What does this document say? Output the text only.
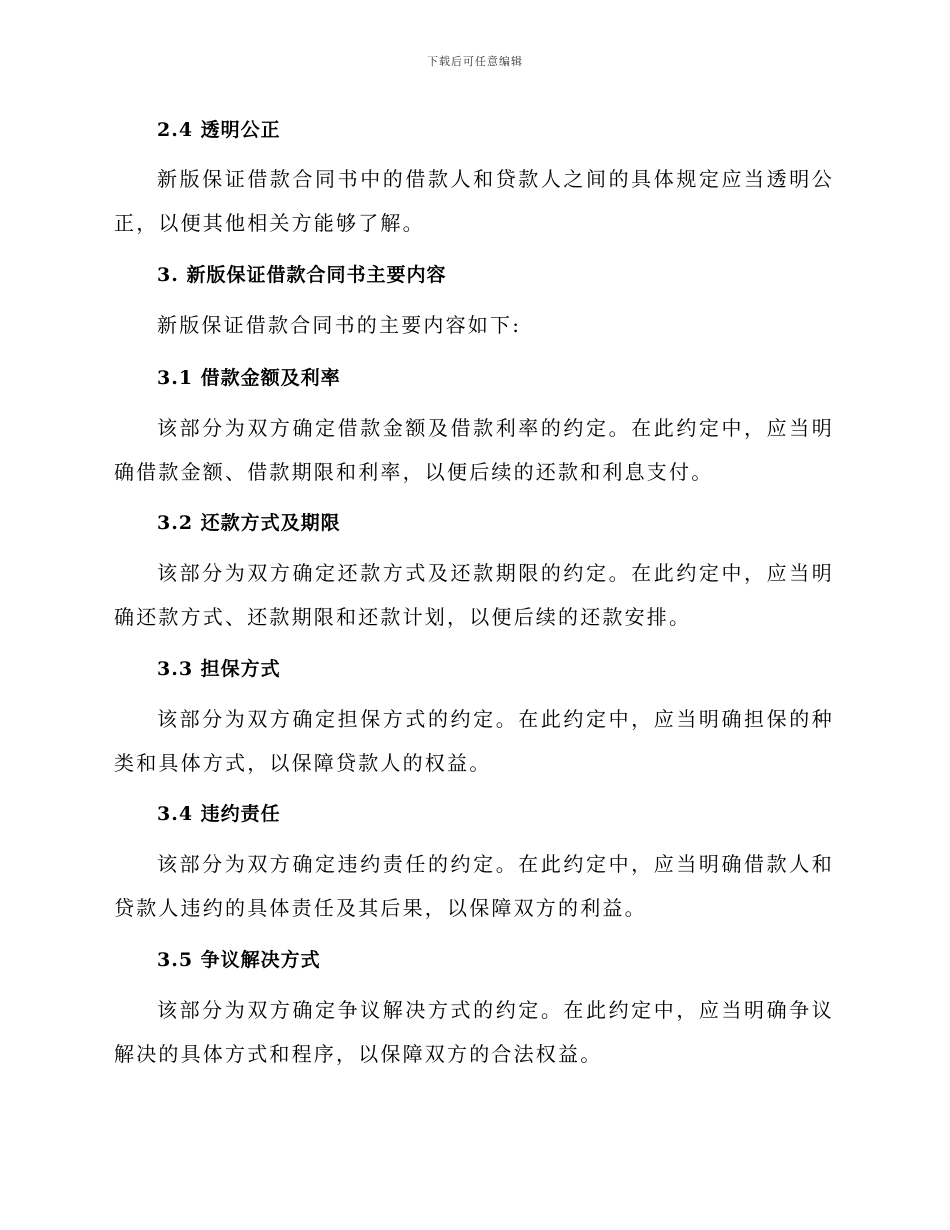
下载后可任意编辑
2.4 透明公正
新版保证借款合同书中的借款人和贷款人之间的具体规定应当透明公正，以便其他相关方能够了解。
3. 新版保证借款合同书主要内容
新版保证借款合同书的主要内容如下:
3.1 借款金额及利率
该部分为双方确定借款金额及借款利率的约定。在此约定中，应当明确借款金额、借款期限和利率，以便后续的还款和利息支付。
3.2 还款方式及期限
该部分为双方确定还款方式及还款期限的约定。在此约定中，应当明确还款方式、还款期限和还款计划，以便后续的还款安排。
3.3 担保方式
该部分为双方确定担保方式的约定。在此约定中，应当明确担保的种类和具体方式，以保障贷款人的权益。
3.4 违约责任
该部分为双方确定违约责任的约定。在此约定中，应当明确借款人和贷款人违约的具体责任及其后果，以保障双方的利益。
3.5 争议解决方式
该部分为双方确定争议解决方式的约定。在此约定中，应当明确争议解决的具体方式和程序，以保障双方的合法权益。
